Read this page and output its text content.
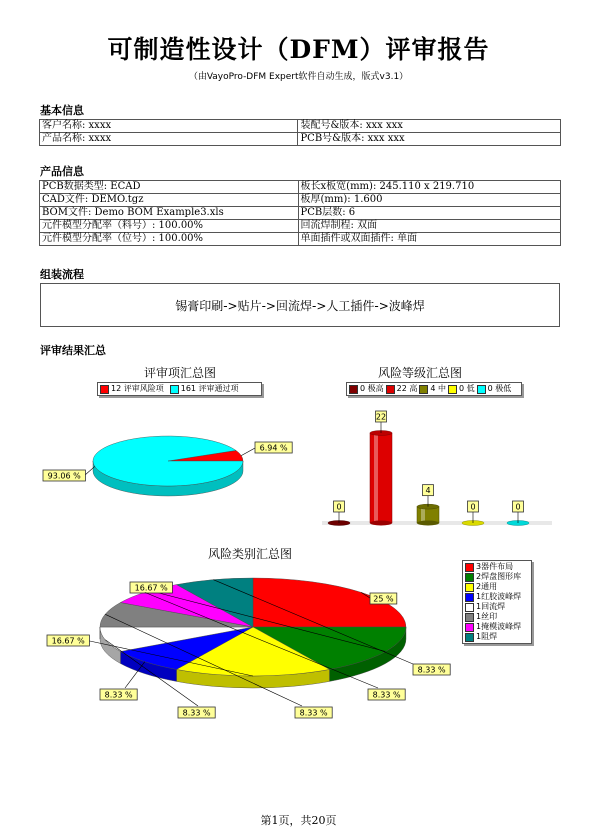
可制造性设计（DFM）评审报告
（由VayoPro-DFM Expert软件自动生成，版式v3.1）
基本信息
客户名称: xxxx	装配号&版本: xxx xxx
产品名称: xxxx	PCB号&版本: xxx xxx
产品信息
PCB数据类型: ECAD	板长x板宽(mm): 245.110 x 219.710
CAD文件: DEMO.tgz	板厚(mm): 1.600
BOM文件: Demo BOM Example3.xls	PCB层数: 6
元件模型分配率（料号）: 100.00%	回流焊制程: 双面
元件模型分配率（位号）: 100.00%	单面插件或双面插件: 单面
组装流程
锡膏印刷->贴片->回流焊->人工插件->波峰焊
评审结果汇总
评审项汇总图
12 评审风险项 161 评审通过项
6.94 %
93.06 %
风险等级汇总图
0 极高 22 高 4 中 0 低 0 极低
0
22
4
0	0
风险类别汇总图
3器件布局
2焊盘图形库
2通用
1红胶波峰焊
1回流焊
1丝印
1掩模波峰焊
1阻焊
25 %
16.67 %
16.67 %
8.33 %
8.33 %	8.33 %
8.33 %
8.33 %
第1页，共20页
